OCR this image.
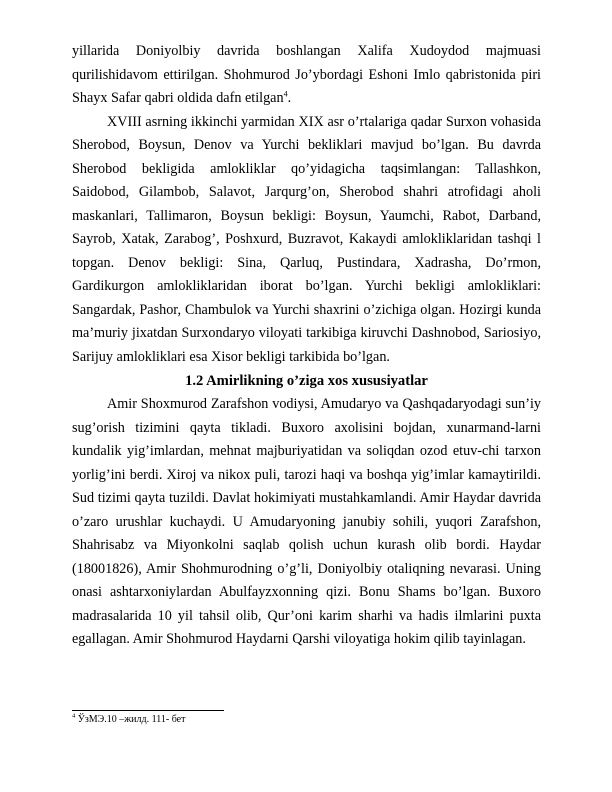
yillarida Doniyolbiy davrida boshlangan Xalifa Xudoydod majmuasi qurilishidavom ettirilgan. Shohmurod Jo’ybordagi Eshoni Imlo qabristonida piri Shayx Safar qabri oldida dafn etilgan$^4$.

XVIII asrning ikkinchi yarmidan XIX asr o’rtalariga qadar Surxon vohasida Sherobod, Boysun, Denov va Yurchi bekliklari mavjud bo’lgan. Bu davrda Sherobod bekligida amlokliklar qo’yidagicha taqsimlangan: Tallashkon, Saidobod, Gilambob, Salavot, Jarqurg’on, Sherobod shahri atrofidagi aholi maskanlari, Tallimaron, Boysun bekligi: Boysun, Yaumchi, Rabot, Darband, Sayrob, Xatak, Zarabog’, Poshxurd, Buzravot, Kakaydi amlokliklaridan tashqi l topgan. Denov bekligi: Sina, Qarluq, Pustindara, Xadrasha, Do’rmon, Gardikurgon amlokliklaridan iborat bo’lgan. Yurchi bekligi amlokliklari: Sangardak, Pashor, Chambulok va Yurchi shaxrini o’zichiga olgan. Hozirgi kunda ma’muriy jixatdan Surxondaryo viloyati tarkibiga kiruvchi Dashnobod, Sariosiyo, Sarijuy amlokliklari esa Xisor bekligi tarkibida bo’lgan.

1.2 Amirlikning o’ziga xos xususiyatlar

Amir Shoxmurod Zarafshon vodiysi, Amudaryo va Qashqadaryodagi sun’iy sug’orish tizimini qayta tikladi. Buxoro axolisini bojdan, xunarmand-larni kundalik yig’imlardan, mehnat majburiyatidan va soliqdan ozod etuv-chi tarxon yorlig’ini berdi. Xiroj va nikox puli, tarozi haqi va boshqa yig’imlar kamaytirildi. Sud tizimi qayta tuzildi. Davlat hokimiyati mustahkamlandi. Amir Haydar davrida o’zaro urushlar kuchaydi. U Amudaryoning janubiy sohili, yuqori Zarafshon, Shahrisabz va Miyonkolni saqlab qolish uchun kurash olib bordi. Haydar (18001826), Amir Shohmurodning o’g’li, Doniyolbiy otaliqning nevarasi. Uning onasi ashtarxoniylardan Abulfayzxonning qizi. Bonu Shams bo’lgan. Buxoro madrasalarida 10 yil tahsil olib, Qur’oni karim sharhi va hadis ilmlarini puxta egallagan. Amir Shohmurod Haydarni Qarshi viloyatiga hokim qilib tayinlagan.

$^4$ ЎзМЭ.10 –жилд. 111- бет
